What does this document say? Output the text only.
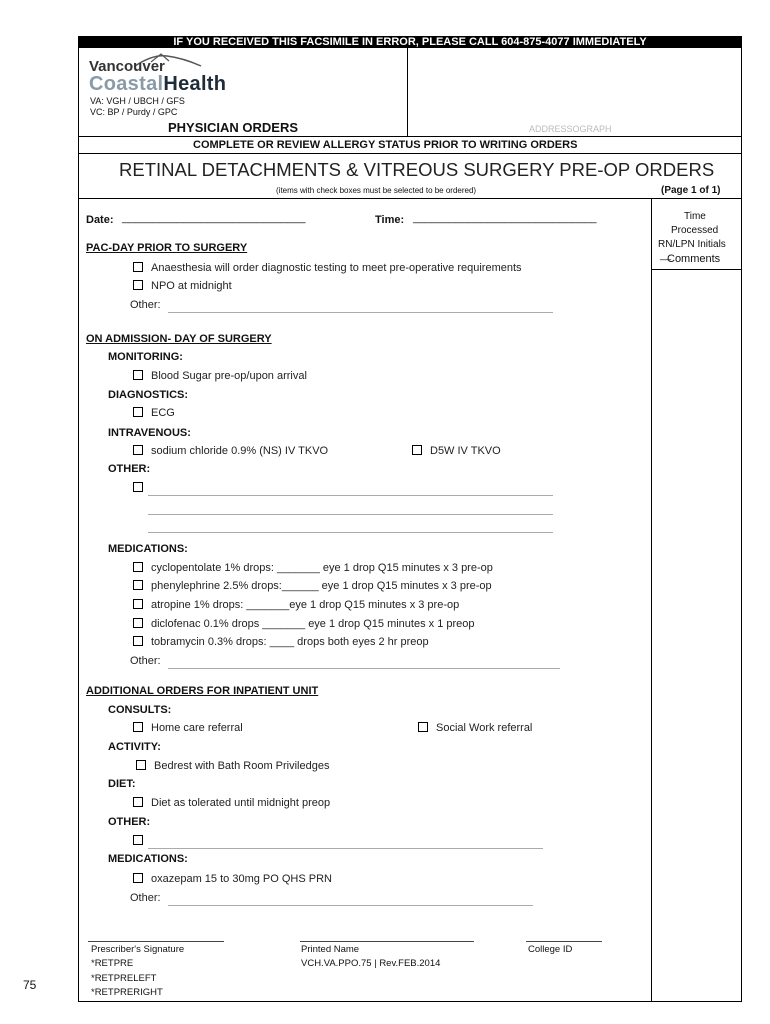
IF YOU RECEIVED THIS FACSIMILE IN ERROR, PLEASE CALL 604-875-4077 IMMEDIATELY
Vancouver
CoastalHealth
VA: VGH / UBCH / GFS
VC: BP / Purdy / GPC
PHYSICIAN ORDERS	ADDRESSOGRAPH
COMPLETE OR REVIEW ALLERGY STATUS PRIOR TO WRITING ORDERS
RETINAL DETACHMENTS & VITREOUS SURGERY PRE-OP ORDERS
(items with check boxes must be selected to be ordered)	(Page 1 of 1)
Time
Processed
RN/LPN Initials
__
Comments
Date: ______________________________	Time: ______________________________
PAC-DAY PRIOR TO SURGERY
Anaesthesia will order diagnostic testing to meet pre-operative requirements
NPO at midnight
Other:
ON ADMISSION- DAY OF SURGERY
MONITORING:
Blood Sugar pre-op/upon arrival
DIAGNOSTICS:
ECG
INTRAVENOUS:
sodium chloride 0.9% (NS) IV TKVO	D5W IV TKVO
OTHER:
MEDICATIONS:
cyclopentolate 1% drops: _______ eye 1 drop Q15 minutes x 3 pre-op
phenylephrine 2.5% drops:______ eye 1 drop Q15 minutes x 3 pre-op
atropine 1% drops: _______eye 1 drop Q15 minutes x 3 pre-op
diclofenac 0.1% drops _______ eye 1 drop Q15 minutes x 1 preop
tobramycin 0.3% drops: ____ drops both eyes 2 hr preop
Other:
ADDITIONAL ORDERS FOR INPATIENT UNIT
CONSULTS:
Home care referral	Social Work referral
ACTIVITY:
Bedrest with Bath Room Priviledges
DIET:
Diet as tolerated until midnight preop
OTHER:
MEDICATIONS:
oxazepam 15 to 30mg PO QHS PRN
Other:
Prescriber's Signature	Printed Name	College ID
VCH.VA.PPO.75 | Rev.FEB.2014
*RETPRE
*RETPRELEFT
*RETPRERIGHT
75
